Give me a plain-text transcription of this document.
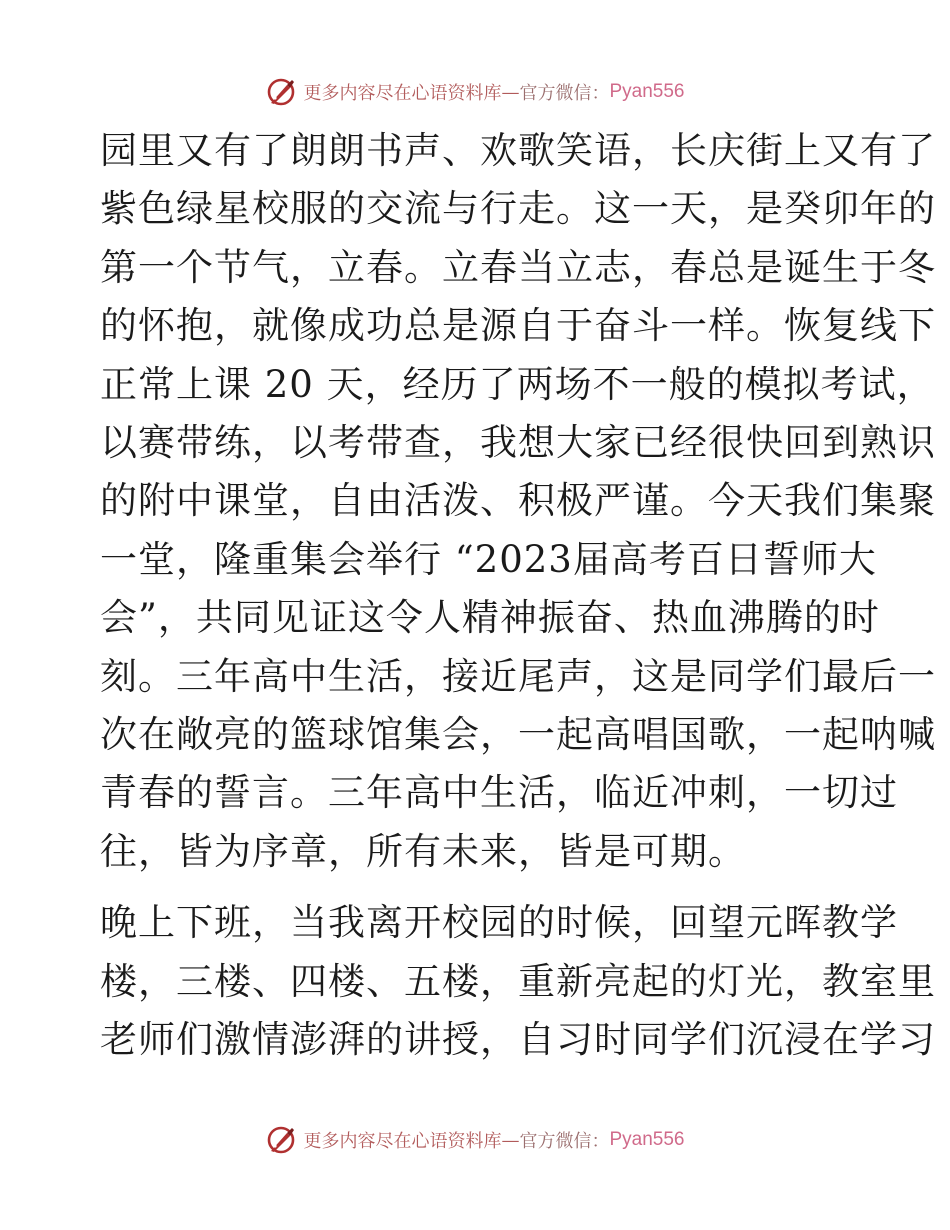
更多内容尽在心语资料库 — 官方微信： Pyan556

园里又有了朗朗书声、欢歌笑语，长庆街上又有了
紫色绿星校服的交流与行走。这一天，是癸卯年的
第一个节气，立春。立春当立志，春总是诞生于冬
的怀抱，就像成功总是源自于奋斗一样。恢复线下
正常上课 20 天，经历了两场不一般的模拟考试，
以赛带练，以考带查，我想大家已经很快回到熟识
的附中课堂，自由活泼、积极严谨。今天我们集聚
一堂，隆重集会举行 “2023届高考百日誓师大
会”，共同见证这令人精神振奋、热血沸腾的时
刻。三年高中生活，接近尾声，这是同学们最后一
次在敞亮的篮球馆集会，一起高唱国歌，一起呐喊
青春的誓言。三年高中生活，临近冲刺，一切过
往，皆为序章，所有未来，皆是可期。

晚上下班，当我离开校园的时候，回望元晖教学
楼，三楼、四楼、五楼，重新亮起的灯光，教室里
老师们激情澎湃的讲授，自习时同学们沉浸在学习

更多内容尽在心语资料库 — 官方微信： Pyan556
